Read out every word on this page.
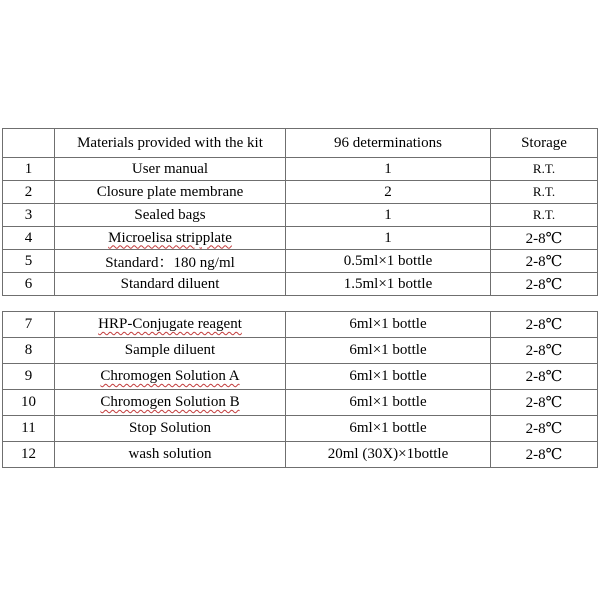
	Materials provided with the kit	96 determinations	Storage
1	User manual	1	R.T.
2	Closure plate membrane	2	R.T.
3	Sealed bags	1	R.T.
4	Microelisa stripplate	1	2-8℃
5	Standard：180 ng/ml	0.5ml×1 bottle	2-8℃
6	Standard diluent	1.5ml×1 bottle	2-8℃
7	HRP-Conjugate reagent	6ml×1 bottle	2-8℃
8	Sample diluent	6ml×1 bottle	2-8℃
9	Chromogen Solution A	6ml×1 bottle	2-8℃
10	Chromogen Solution B	6ml×1 bottle	2-8℃
11	Stop Solution	6ml×1 bottle	2-8℃
12	wash solution	20ml (30X)×1bottle	2-8℃
